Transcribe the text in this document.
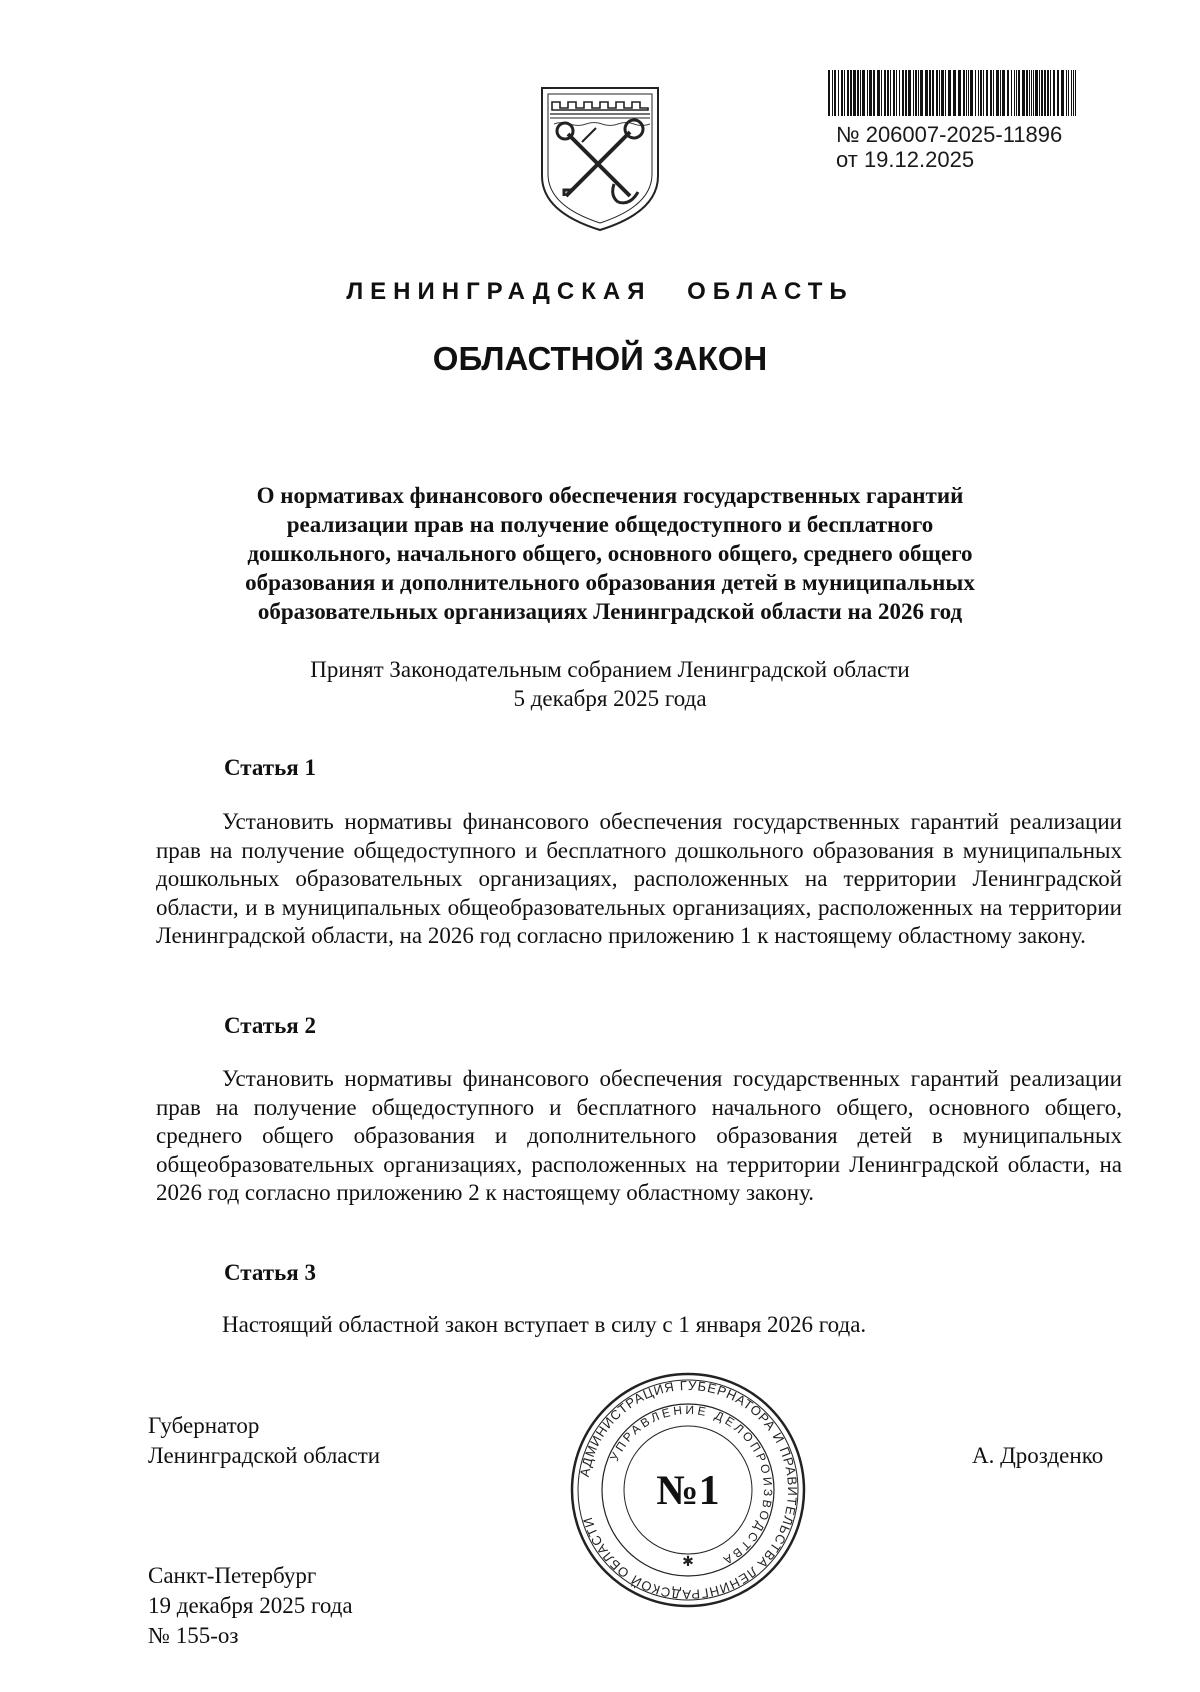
№ 206007-2025-11896
от 19.12.2025
ЛЕНИНГРАДСКАЯ ОБЛАСТЬ
ОБЛАСТНОЙ ЗАКОН
О нормативах финансового обеспечения государственных гарантий
реализации прав на получение общедоступного и бесплатного
дошкольного, начального общего, основного общего, среднего общего
образования и дополнительного образования детей в муниципальных
образовательных организациях Ленинградской области на 2026 год
Принят Законодательным собранием Ленинградской области
5 декабря 2025 года
Статья 1
Установить нормативы финансового обеспечения государственных гарантий реализации прав на получение общедоступного и бесплатного дошкольного образования в муниципальных дошкольных образовательных организациях, расположенных на территории Ленинградской области, и в муниципальных общеобразовательных организациях, расположенных на территории Ленинградской области, на 2026 год согласно приложению 1 к настоящему областному закону.
Статья 2
Установить нормативы финансового обеспечения государственных гарантий реализации прав на получение общедоступного и бесплатного начального общего, основного общего, среднего общего образования и дополнительного образования детей в муниципальных общеобразовательных организациях, расположенных на территории Ленинградской области, на 2026 год согласно приложению 2 к настоящему областному закону.
Статья 3
Настоящий областной закон вступает в силу с 1 января 2026 года.
Губернатор
Ленинградской области	А. Дрозденко
Санкт-Петербург
19 декабря 2025 года
№ 155-оз
АДМИНИСТРАЦИЯ ГУБЕРНАТОРА И ПРАВИТЕЛЬСТВА ЛЕНИНГРАДСКОЙ ОБЛАСТИ
УПРАВЛЕНИЕ ДЕЛОПРОИЗВОДСТВА
№1
✱
